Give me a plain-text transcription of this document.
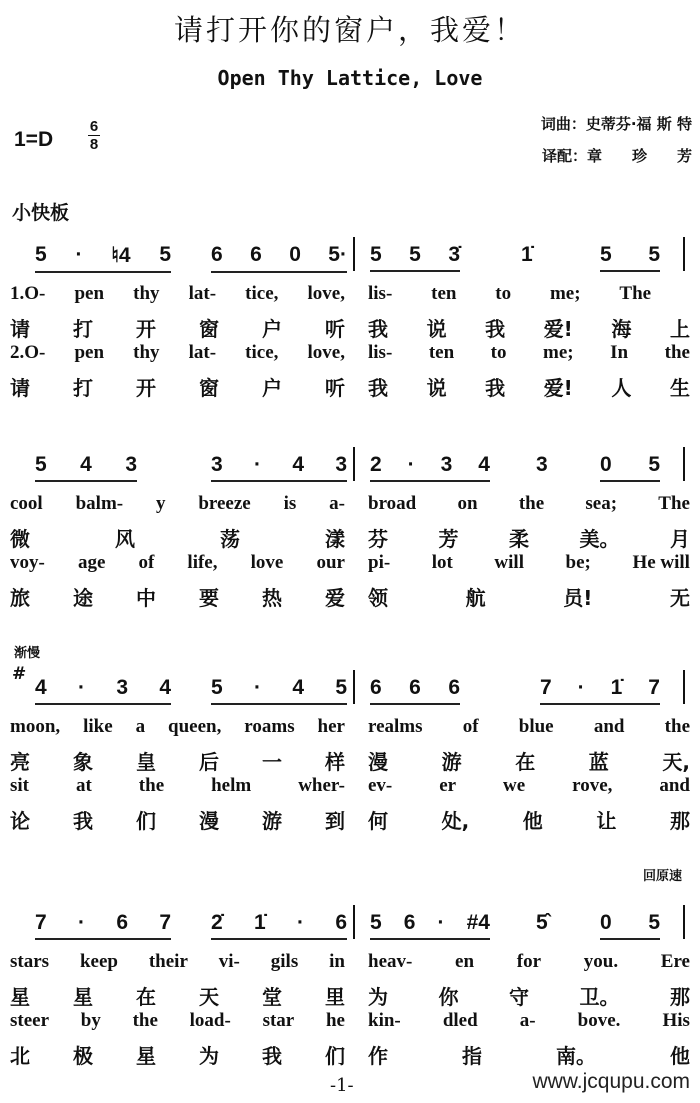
请打开你的窗户，我爱！
Open Thy Lattice, Love
1=D
6
8
词曲：史蒂芬·福 斯 特
译配：章　　珍　　芳
小快板
5 · ♮4 5 6 6 0 5· 5 5 3̇	1̇	5 5
1.O- pen thy lat- tice, love, lis- ten to me; The
请 打 开 窗 户 听 我 说 我 爱! 海 上
2.O- pen thy lat- tice, love, lis- ten to me; In the
请 打 开 窗 户 听 我 说 我 爱! 人 生
5 4 3	3 · 4 3 2 · 3 4 3 0 5
cool balm- y breeze is a- broad on the sea; The
微	风	荡	漾 芬	芳	柔	美。	月
voy- age of life, love our pi- lot will be; He will
旅 途 中 要 热 爱 领	航	员!	无
渐慢
#
4 · 3 4 5 · 4 5 6 6 6	7 · 1̇ 7
moon, like a queen, roams her realms of blue and the
亮 象 皇 后 一 样 漫	游	在	蓝	天,
sit at the helm wher- ev- er we rove, and
论 我 们 漫 游 到 何	处,	他	让	那
回原速
7 · 6 7 2̇ 1̇ · 6 5 6 · #4 5̂ 0 5
stars keep their vi- gils in heav- en for you. Ere
星 星 在 天 堂 里 为	你	守	卫。	那
steer by the load- star he kin- dled a- bove. His
北 极 星 为 我 们 作	指	南。	他
-1-	www.jcqupu.com
